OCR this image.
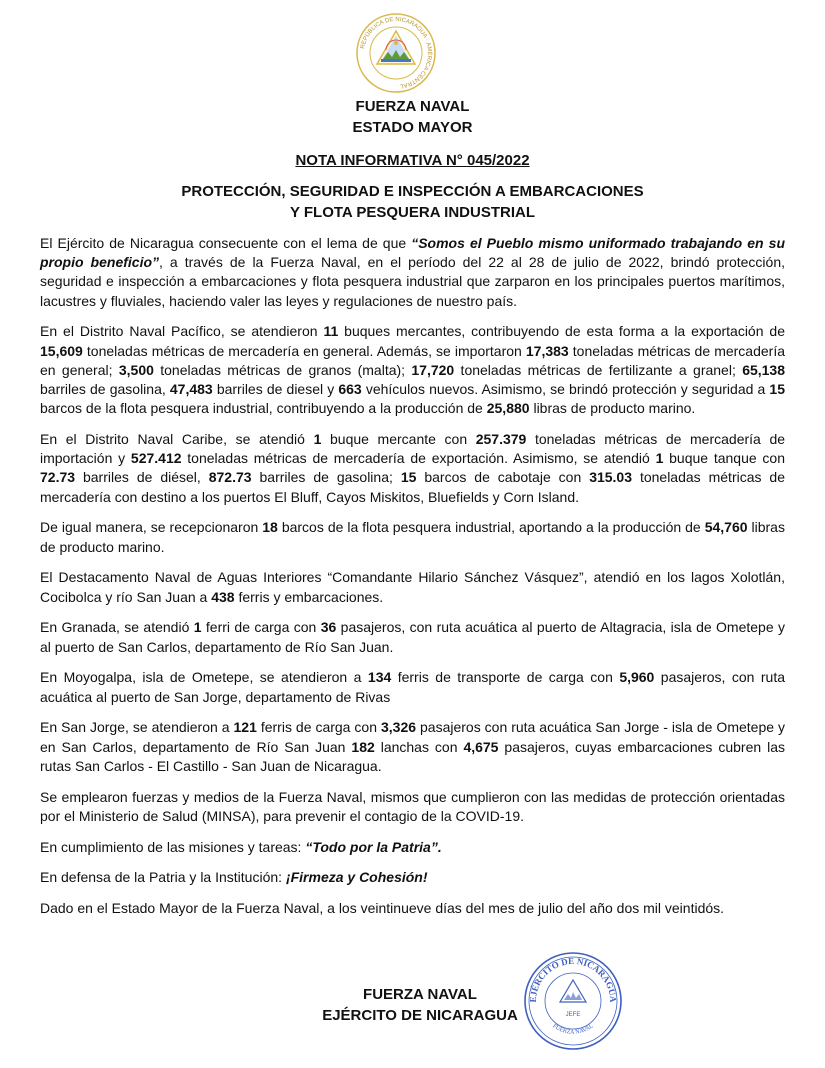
REPÚBLICA DE NICARAGUA · AMÉRICA CENTRAL
FUERZA NAVAL
ESTADO MAYOR
NOTA INFORMATIVA N° 045/2022
PROTECCIÓN, SEGURIDAD E INSPECCIÓN A EMBARCACIONES
Y FLOTA PESQUERA INDUSTRIAL

El Ejército de Nicaragua consecuente con el lema de que “Somos el Pueblo mismo uniformado trabajando en su propio beneficio”, a través de la Fuerza Naval, en el período del 22 al 28 de julio de 2022, brindó protección, seguridad e inspección a embarcaciones y flota pesquera industrial que zarparon en los principales puertos marítimos, lacustres y fluviales, haciendo valer las leyes y regulaciones de nuestro país.

En el Distrito Naval Pacífico, se atendieron 11 buques mercantes, contribuyendo de esta forma a la exportación de 15,609 toneladas métricas de mercadería en general. Además, se importaron 17,383 toneladas métricas de mercadería en general; 3,500 toneladas métricas de granos (malta); 17,720 toneladas métricas de fertilizante a granel; 65,138 barriles de gasolina, 47,483 barriles de diesel y 663 vehículos nuevos. Asimismo, se brindó protección y seguridad a 15 barcos de la flota pesquera industrial, contribuyendo a la producción de 25,880 libras de producto marino.

En el Distrito Naval Caribe, se atendió 1 buque mercante con 257.379 toneladas métricas de mercadería de importación y 527.412 toneladas métricas de mercadería de exportación. Asimismo, se atendió 1 buque tanque con 72.73 barriles de diésel, 872.73 barriles de gasolina; 15 barcos de cabotaje con 315.03 toneladas métricas de mercadería con destino a los puertos El Bluff, Cayos Miskitos, Bluefields y Corn Island.

De igual manera, se recepcionaron 18 barcos de la flota pesquera industrial, aportando a la producción de 54,760 libras de producto marino.

El Destacamento Naval de Aguas Interiores “Comandante Hilario Sánchez Vásquez”, atendió en los lagos Xolotlán, Cocibolca y río San Juan a 438 ferris y embarcaciones.

En Granada, se atendió 1 ferri de carga con 36 pasajeros, con ruta acuática al puerto de Altagracia, isla de Ometepe y al puerto de San Carlos, departamento de Río San Juan.

En Moyogalpa, isla de Ometepe, se atendieron a 134 ferris de transporte de carga con 5,960 pasajeros, con ruta acuática al puerto de San Jorge, departamento de Rivas

En San Jorge, se atendieron a 121 ferris de carga con 3,326 pasajeros con ruta acuática San Jorge - isla de Ometepe y en San Carlos, departamento de Río San Juan 182 lanchas con 4,675 pasajeros, cuyas embarcaciones cubren las rutas San Carlos - El Castillo - San Juan de Nicaragua.

Se emplearon fuerzas y medios de la Fuerza Naval, mismos que cumplieron con las medidas de protección orientadas por el Ministerio de Salud (MINSA), para prevenir el contagio de la COVID-19.

En cumplimiento de las misiones y tareas: “Todo por la Patria”.

En defensa de la Patria y la Institución: ¡Firmeza y Cohesión!

Dado en el Estado Mayor de la Fuerza Naval, a los veintinueve días del mes de julio del año dos mil veintidós.

FUERZA NAVAL
EJÉRCITO DE NICARAGUA
EJÉRCITO DE NICARAGUA
FUERZA NAVAL
JEFE
